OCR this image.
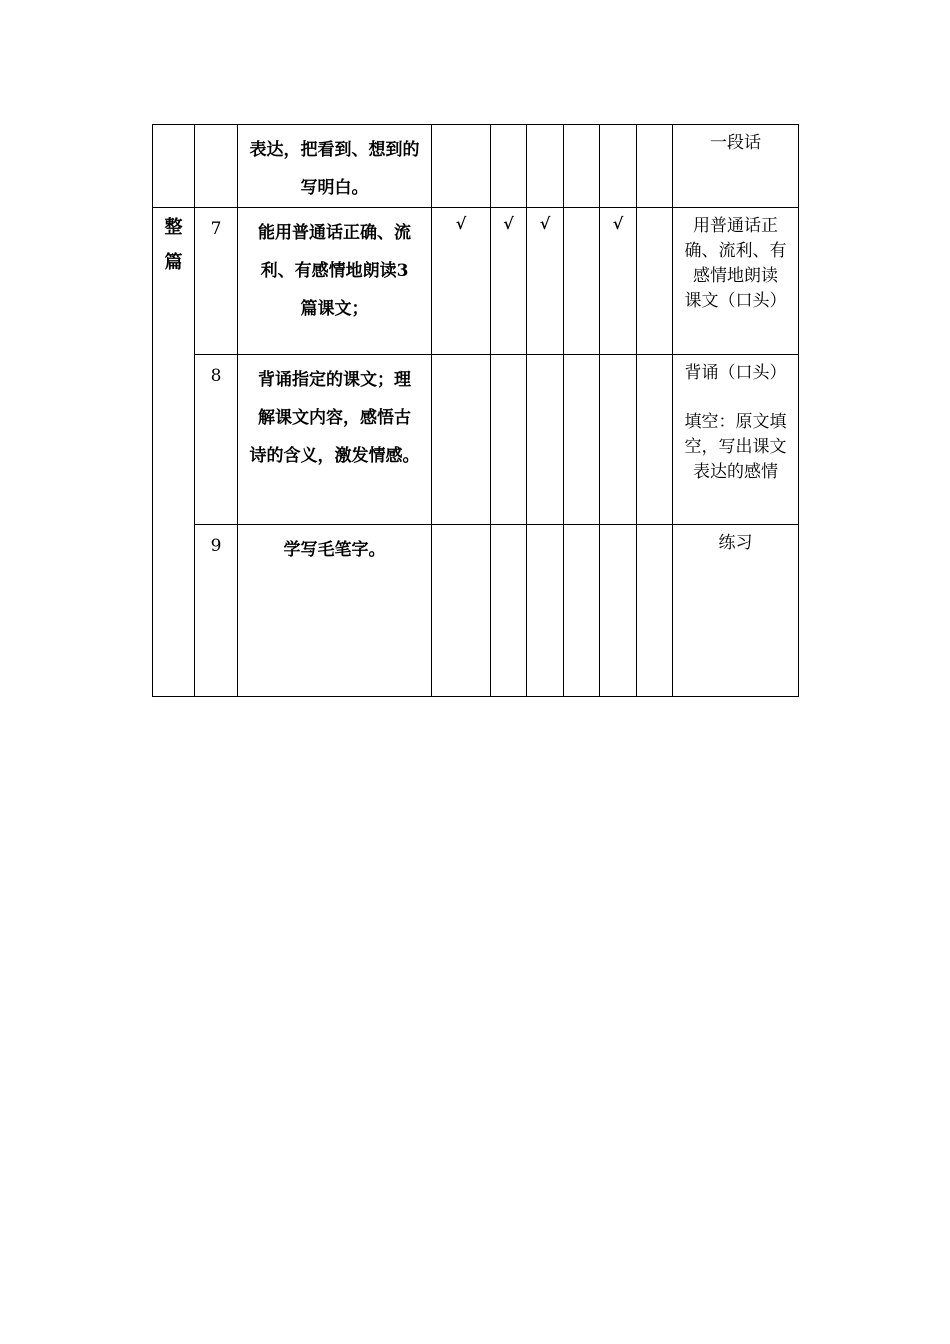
		表达，把看到、想到的
写明白。							一段话

整
篇	7	能用普通话正确、流
利、有感情地朗读3
篇课文；	√	√	√		√		用普通话正
确、流利、有
感情地朗读
课文（口头）

	8	背诵指定的课文；理
解课文内容，感悟古
诗的含义，激发情感。							背诵（口头）
填空：原文填
空，写出课文
表达的感情

	9	学写毛笔字。							练习
